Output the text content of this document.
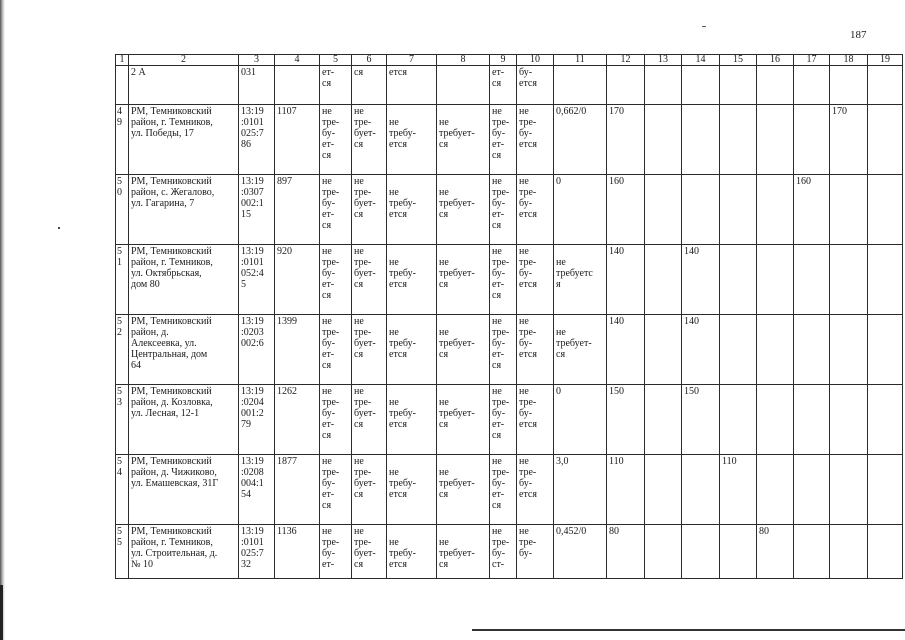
187
1	2	3	4	5	6	7	8	9	10	11	12	13	14	15	16	17	18	19
	2 А	031		ет-
ся	ся	ется		ет-
ся	бу-
ется									
4
9	РМ, Темниковский
район, г. Темников,
ул. Победы, 17	13:19
:0101
025:7
86	1107	не
тре-
бу-
ет-
ся	не
тре-
бует-
ся	не
требу-
ется	не
требует-
ся	не
тре-
бу-
ет-
ся	не
тре-
бу-
ется	0,662/0	170						170	
5
0	РМ, Темниковский
район, с. Жегалово,
ул. Гагарина, 7	13:19
:0307
002:1
15	897	не
тре-
бу-
ет-
ся	не
тре-
бует-
ся	не
требу-
ется	не
требует-
ся	не
тре-
бу-
ет-
ся	не
тре-
бу-
ется	0	160					160		
5
1	РМ, Темниковский
район, г. Темников,
ул. Октябрьская,
дом 80	13:19
:0101
052:4
5	920	не
тре-
бу-
ет-
ся	не
тре-
бует-
ся	не
требу-
ется	не
требует-
ся	не
тре-
бу-
ет-
ся	не
тре-
бу-
ется	не
требуетс
я	140		140					
5
2	РМ, Темниковский
район, д.
Алексеевка, ул.
Центральная, дом
64	13:19
:0203
002:6	1399	не
тре-
бу-
ет-
ся	не
тре-
бует-
ся	не
требу-
ется	не
требует-
ся	не
тре-
бу-
ет-
ся	не
тре-
бу-
ется	не
требует-
ся	140		140					
5
3	РМ, Темниковский
район, д. Козловка,
ул. Лесная, 12-1	13:19
:0204
001:2
79	1262	не
тре-
бу-
ет-
ся	не
тре-
бует-
ся	не
требу-
ется	не
требует-
ся	не
тре-
бу-
ет-
ся	не
тре-
бу-
ется	0	150		150					
5
4	РМ, Темниковский
район, д. Чижиково,
ул. Емашевская, 31Г	13:19
:0208
004:1
54	1877	не
тре-
бу-
ет-
ся	не
тре-
бует-
ся	не
требу-
ется	не
требует-
ся	не
тре-
бу-
ет-
ся	не
тре-
бу-
ется	3,0	110			110				
5
5	РМ, Темниковский
район, г. Темников,
ул. Строительная, д.
№ 10	13:19
:0101
025:7
32	1136	не
тре-
бу-
ет-	не
тре-
бует-
ся	не
требу-
ется	не
требует-
ся	не
тре-
бу-
ст-	не
тре-
бу-	0,452/0	80				80			
